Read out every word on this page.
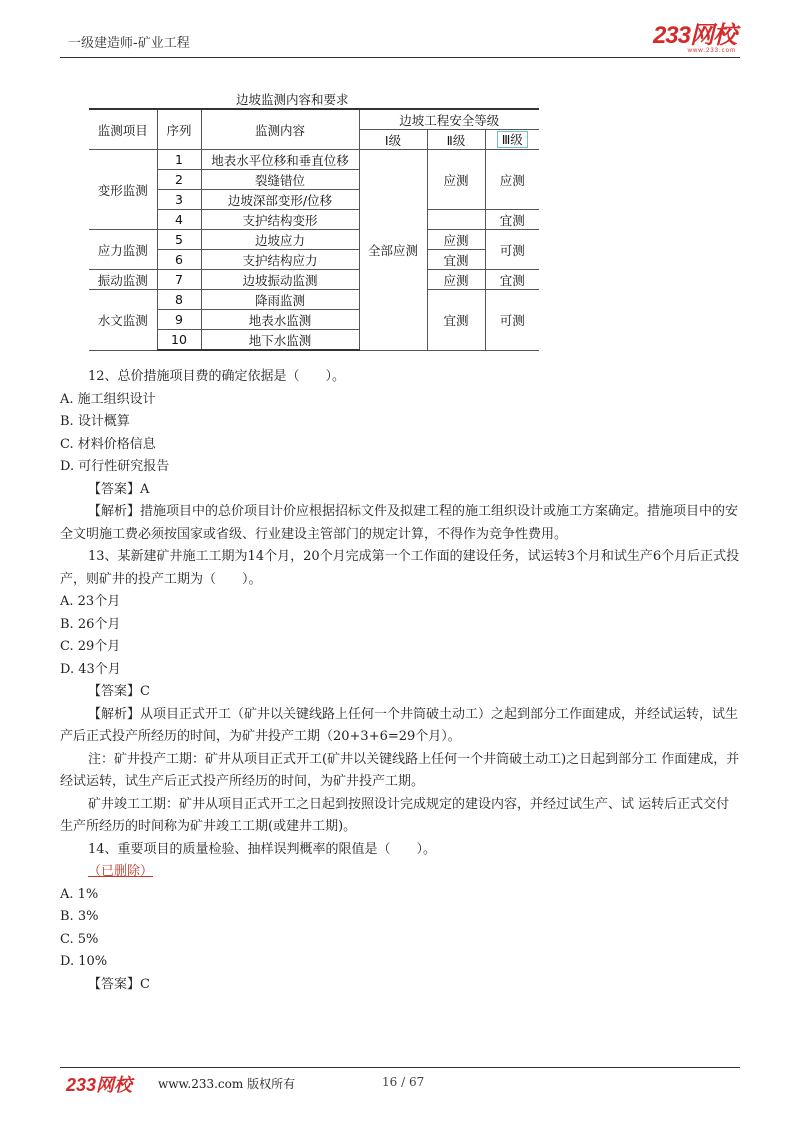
一级建造师-矿业工程	233网校
www.233.com
边坡监测内容和要求
监测项目	序列	监测内容	边坡工程安全等级		
			Ⅰ级	Ⅱ级	Ⅲ级
变形监测	1	地表水平位移和垂直位移	全部应测	应测	应测
	2	裂缝错位			
	3	边坡深部变形/位移			
	4	支护结构变形			宜测
应力监测	5	边坡应力		应测	可测
	6	支护结构应力		宜测	
振动监测	7	边坡振动监测		应测	宜测
水文监测	8	降雨监测		宜测	可测
	9	地表水监测			
	10	地下水监测			

12、总价措施项目费的确定依据是（　　）。

A. 施工组织设计

B. 设计概算

C. 材料价格信息

D. 可行性研究报告

【答案】A

【解析】措施项目中的总价项目计价应根据招标文件及拟建工程的施工组织设计或施工方案确定。措施项目中的安全文明施工费必须按国家或省级、行业建设主管部门的规定计算，不得作为竞争性费用。

13、某新建矿井施工工期为14个月，20个月完成第一个工作面的建设任务，试运转3个月和试生产6个月后正式投产，则矿井的投产工期为（　　）。

A. 23个月

B. 26个月

C. 29个月

D. 43个月

【答案】C

【解析】从项目正式开工（矿井以关键线路上任何一个井筒破土动工）之起到部分工作面建成，并经试运转，试生产后正式投产所经历的时间，为矿井投产工期（20+3+6=29个月）。

注：矿井投产工期：矿井从项目正式开工(矿井以关键线路上任何一个井筒破土动工)之日起到部分工 作面建成，并经试运转，试生产后正式投产所经历的时间，为矿井投产工期。

矿井竣工工期：矿井从项目正式开工之日起到按照设计完成规定的建设内容，并经过试生产、试 运转后正式交付生产所经历的时间称为矿井竣工工期(或建井工期)。

14、重要项目的质量检验、抽样误判概率的限值是（　　）。

（已删除）

A. 1%

B. 3%

C. 5%

D. 10%

【答案】C

233网校 www.233.com 版权所有	16 / 67
